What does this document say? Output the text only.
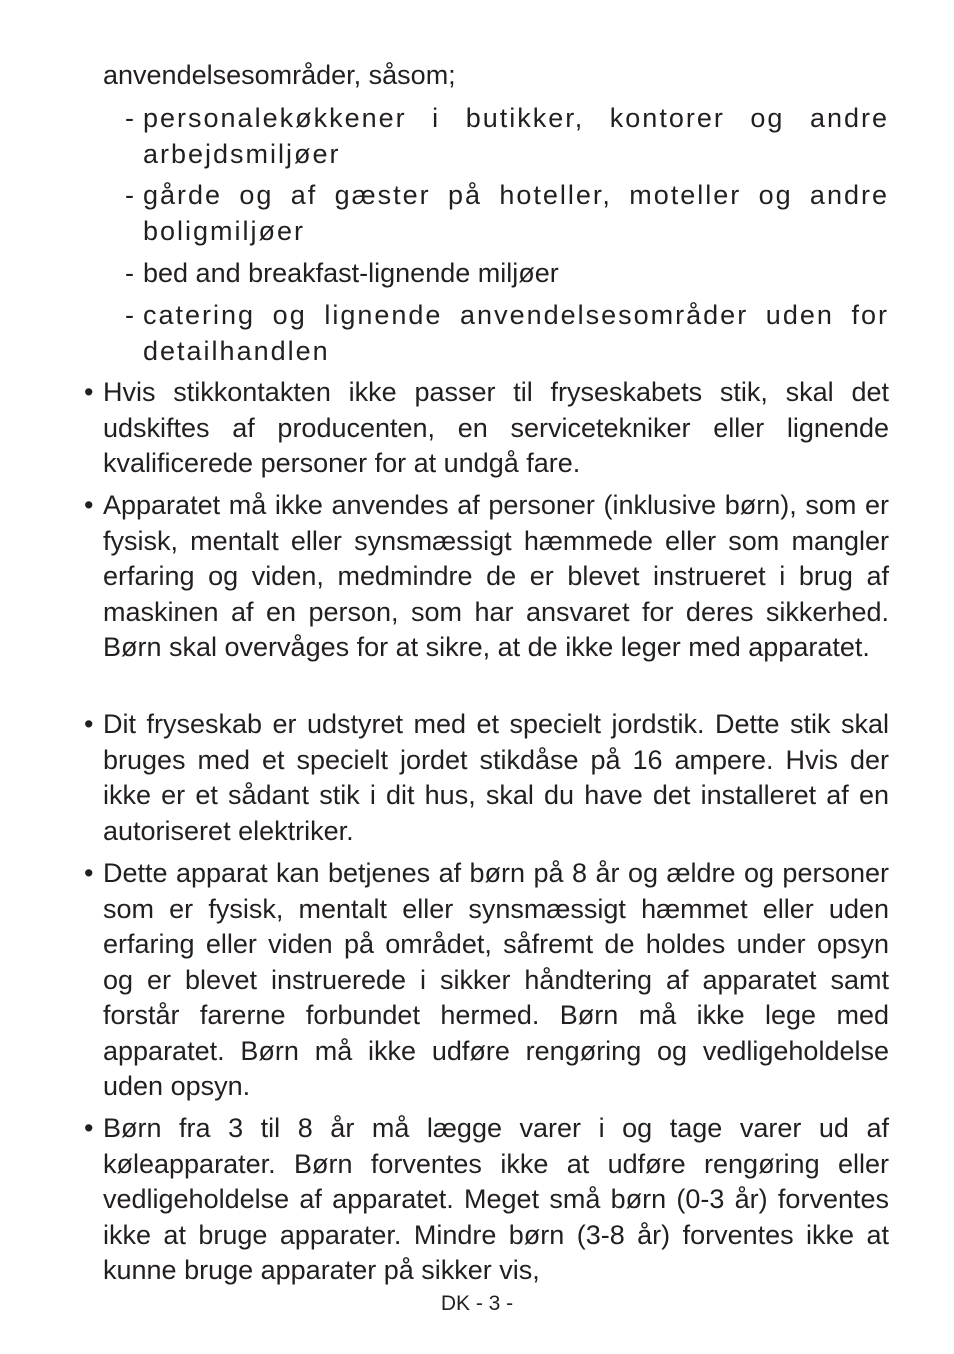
anvendelsesområder, såsom;
- personalekøkkener i butikker, kontorer og andre arbejdsmiljøer
- gårde og af gæster på hoteller, moteller og andre boligmiljøer
- bed and breakfast-lignende miljøer
- catering og lignende anvendelsesområder uden for detailhandlen
• Hvis stikkontakten ikke passer til fryseskabets stik, skal det udskiftes af producenten, en servicetekniker eller lignende kvalificerede personer for at undgå fare.
• Apparatet må ikke anvendes af personer (inklusive børn), som er fysisk, mentalt eller synsmæssigt hæmmede eller som mangler erfaring og viden, medmindre de er blevet instrueret i brug af maskinen af en person, som har ansvaret for deres sikkerhed. Børn skal overvåges for at sikre, at de ikke leger med apparatet.
• Dit fryseskab er udstyret med et specielt jordstik. Dette stik skal bruges med et specielt jordet stikdåse på 16 ampere. Hvis der ikke er et sådant stik i dit hus, skal du have det installeret af en autoriseret elektriker.
• Dette apparat kan betjenes af børn på 8 år og ældre og personer som er fysisk, mentalt eller synsmæssigt hæmmet eller uden erfaring eller viden på området, såfremt de holdes under opsyn og er blevet instruerede i sikker håndtering af apparatet samt forstår farerne forbundet hermed. Børn må ikke lege med apparatet. Børn må ikke udføre rengøring og vedligeholdelse uden opsyn.
• Børn fra 3 til 8 år må lægge varer i og tage varer ud af køleapparater. Børn forventes ikke at udføre rengøring eller vedligeholdelse af apparatet. Meget små børn (0-3 år) forventes ikke at bruge apparater. Mindre børn (3-8 år) forventes ikke at kunne bruge apparater på sikker vis,
DK - 3 -
